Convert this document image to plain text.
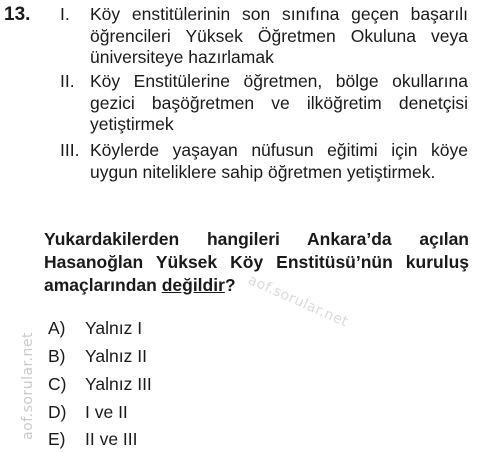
13. I. Köy enstitülerinin son sınıfına geçen başarılı öğrencileri Yüksek Öğretmen Okuluna veya üniversiteye hazırlamak
II. Köy Enstitülerine öğretmen, bölge okullarına gezici başöğretmen ve ilköğretim denetçisi yetiştirmek
III. Köylerde yaşayan nüfusun eğitimi için köye uygun niteliklere sahip öğretmen yetiştirmek.
Yukardakilerden hangileri Ankara’da açılan Hasanoğlan Yüksek Köy Enstitüsü’nün kuruluş amaçlarından değildir?
A) Yalnız I
B) Yalnız II
C) Yalnız III
D) I ve II
E) II ve III
aof.sorular.net
aof.sorular.net
